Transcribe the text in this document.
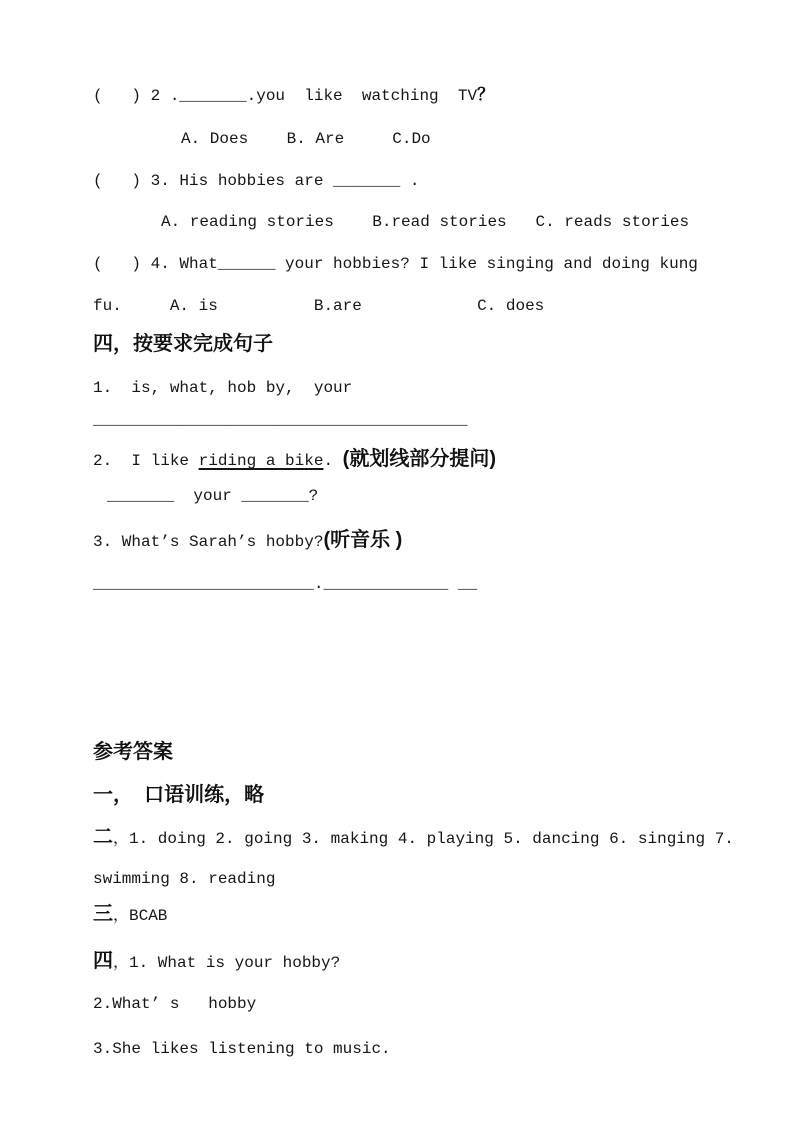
(   ) 2 ._______.you  like  watching  TV？
A. Does    B. Are     C.Do
(   ) 3. His hobbies are _______ .
A. reading stories    B.read stories   C. reads stories
(   ) 4. What______ your hobbies? I like singing and doing kung
fu.     A. is          B.are            C. does
四，按要求完成句子
1.  is, what, hob by,  your
_______________________________________
2.  I like riding a bike. (就划线部分提问)
_______  your _______?
3. What’s Sarah’s hobby?(听音乐 )
_______________________._____________ __
参考答案
一，  口语训练，略
二，1. doing 2. going 3. making 4. playing 5. dancing 6. singing 7.
swimming 8. reading
三，BCAB
四，1. What is your hobby?
2.What’ s   hobby
3.She likes listening to music.
